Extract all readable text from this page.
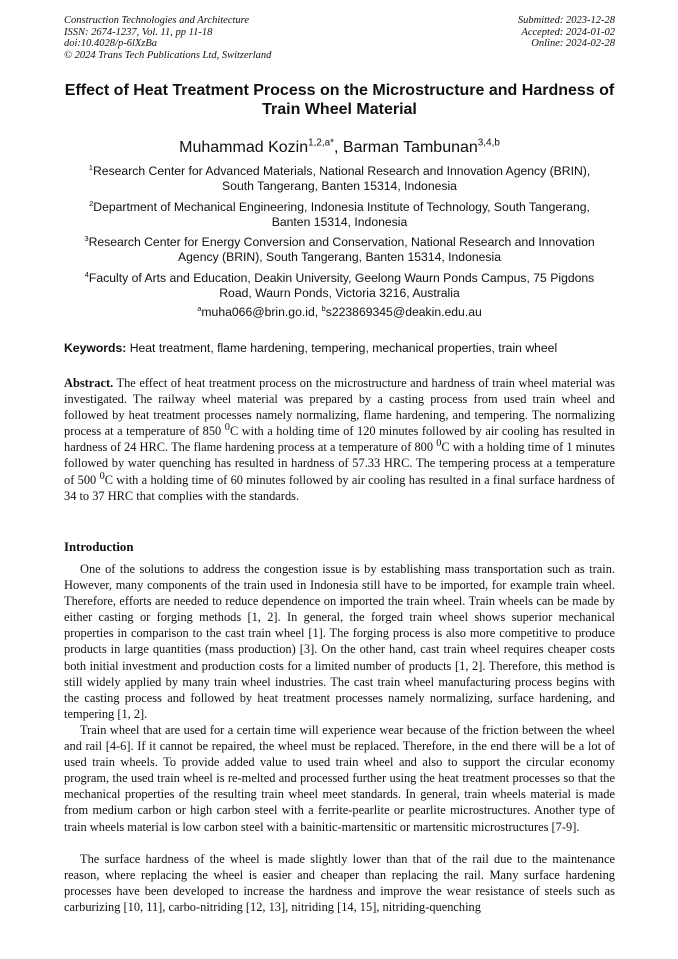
Construction Technologies and Architecture
ISSN: 2674-1237, Vol. 11, pp 11-18
doi:10.4028/p-6lXzBa
© 2024 Trans Tech Publications Ltd, Switzerland
Submitted: 2023-12-28
Accepted: 2024-01-02
Online: 2024-02-28
Effect of Heat Treatment Process on the Microstructure and Hardness of
Train Wheel Material
Muhammad Kozin$^{1,2,a*}$, Barman Tambunan$^{3,4,b}$
$^1$Research Center for Advanced Materials, National Research and Innovation Agency (BRIN),
South Tangerang, Banten 15314, Indonesia
$^2$Department of Mechanical Engineering, Indonesia Institute of Technology, South Tangerang,
Banten 15314, Indonesia
$^3$Research Center for Energy Conversion and Conservation, National Research and Innovation
Agency (BRIN), South Tangerang, Banten 15314, Indonesia
$^4$Faculty of Arts and Education, Deakin University, Geelong Waurn Ponds Campus, 75 Pigdons
Road, Waurn Ponds, Victoria 3216, Australia
$^a$muha066@brin.go.id, $^b$s223869345@deakin.edu.au
Keywords: Heat treatment, flame hardening, tempering, mechanical properties, train wheel
Abstract. The effect of heat treatment process on the microstructure and hardness of train wheel material was investigated. The railway wheel material was prepared by a casting process from used train wheel and followed by heat treatment processes namely normalizing, flame hardening, and tempering. The normalizing process at a temperature of 850 $^0$C with a holding time of 120 minutes followed by air cooling has resulted in hardness of 24 HRC. The flame hardening process at a temperature of 800 $^0$C with a holding time of 1 minutes followed by water quenching has resulted in hardness of 57.33 HRC. The tempering process at a temperature of 500 $^0$C with a holding time of 60 minutes followed by air cooling has resulted in a final surface hardness of 34 to 37 HRC that complies with the standards.
Introduction

One of the solutions to address the congestion issue is by establishing mass transportation such as train. However, many components of the train used in Indonesia still have to be imported, for example train wheel. Therefore, efforts are needed to reduce dependence on imported the train wheel. Train wheels can be made by either casting or forging methods [1, 2]. In general, the forged train wheel shows superior mechanical properties in comparison to the cast train wheel [1]. The forging process is also more competitive to produce products in large quantities (mass production) [3]. On the other hand, cast train wheel requires cheaper costs both initial investment and production costs for a limited number of products [1, 2]. Therefore, this method is still widely applied by many train wheel industries. The cast train wheel manufacturing process begins with the casting process and followed by heat treatment processes namely normalizing, surface hardening, and tempering [1, 2].

Train wheel that are used for a certain time will experience wear because of the friction between the wheel and rail [4-6]. If it cannot be repaired, the wheel must be replaced. Therefore, in the end there will be a lot of used train wheels. To provide added value to used train wheel and also to support the circular economy program, the used train wheel is re-melted and processed further using the heat treatment processes so that the mechanical properties of the resulting train wheel meet standards. In general, train wheels material is made from medium carbon or high carbon steel with a ferrite-pearlite or pearlite microstructures. Another type of train wheels material is low carbon steel with a bainitic-martensitic or martensitic microstructures [7-9].

The surface hardness of the wheel is made slightly lower than that of the rail due to the maintenance reason, where replacing the wheel is easier and cheaper than replacing the rail. Many surface hardening processes have been developed to increase the hardness and improve the wear resistance of steels such as carburizing [10, 11], carbo-nitriding [12, 13], nitriding [14, 15], nitriding-quenching
